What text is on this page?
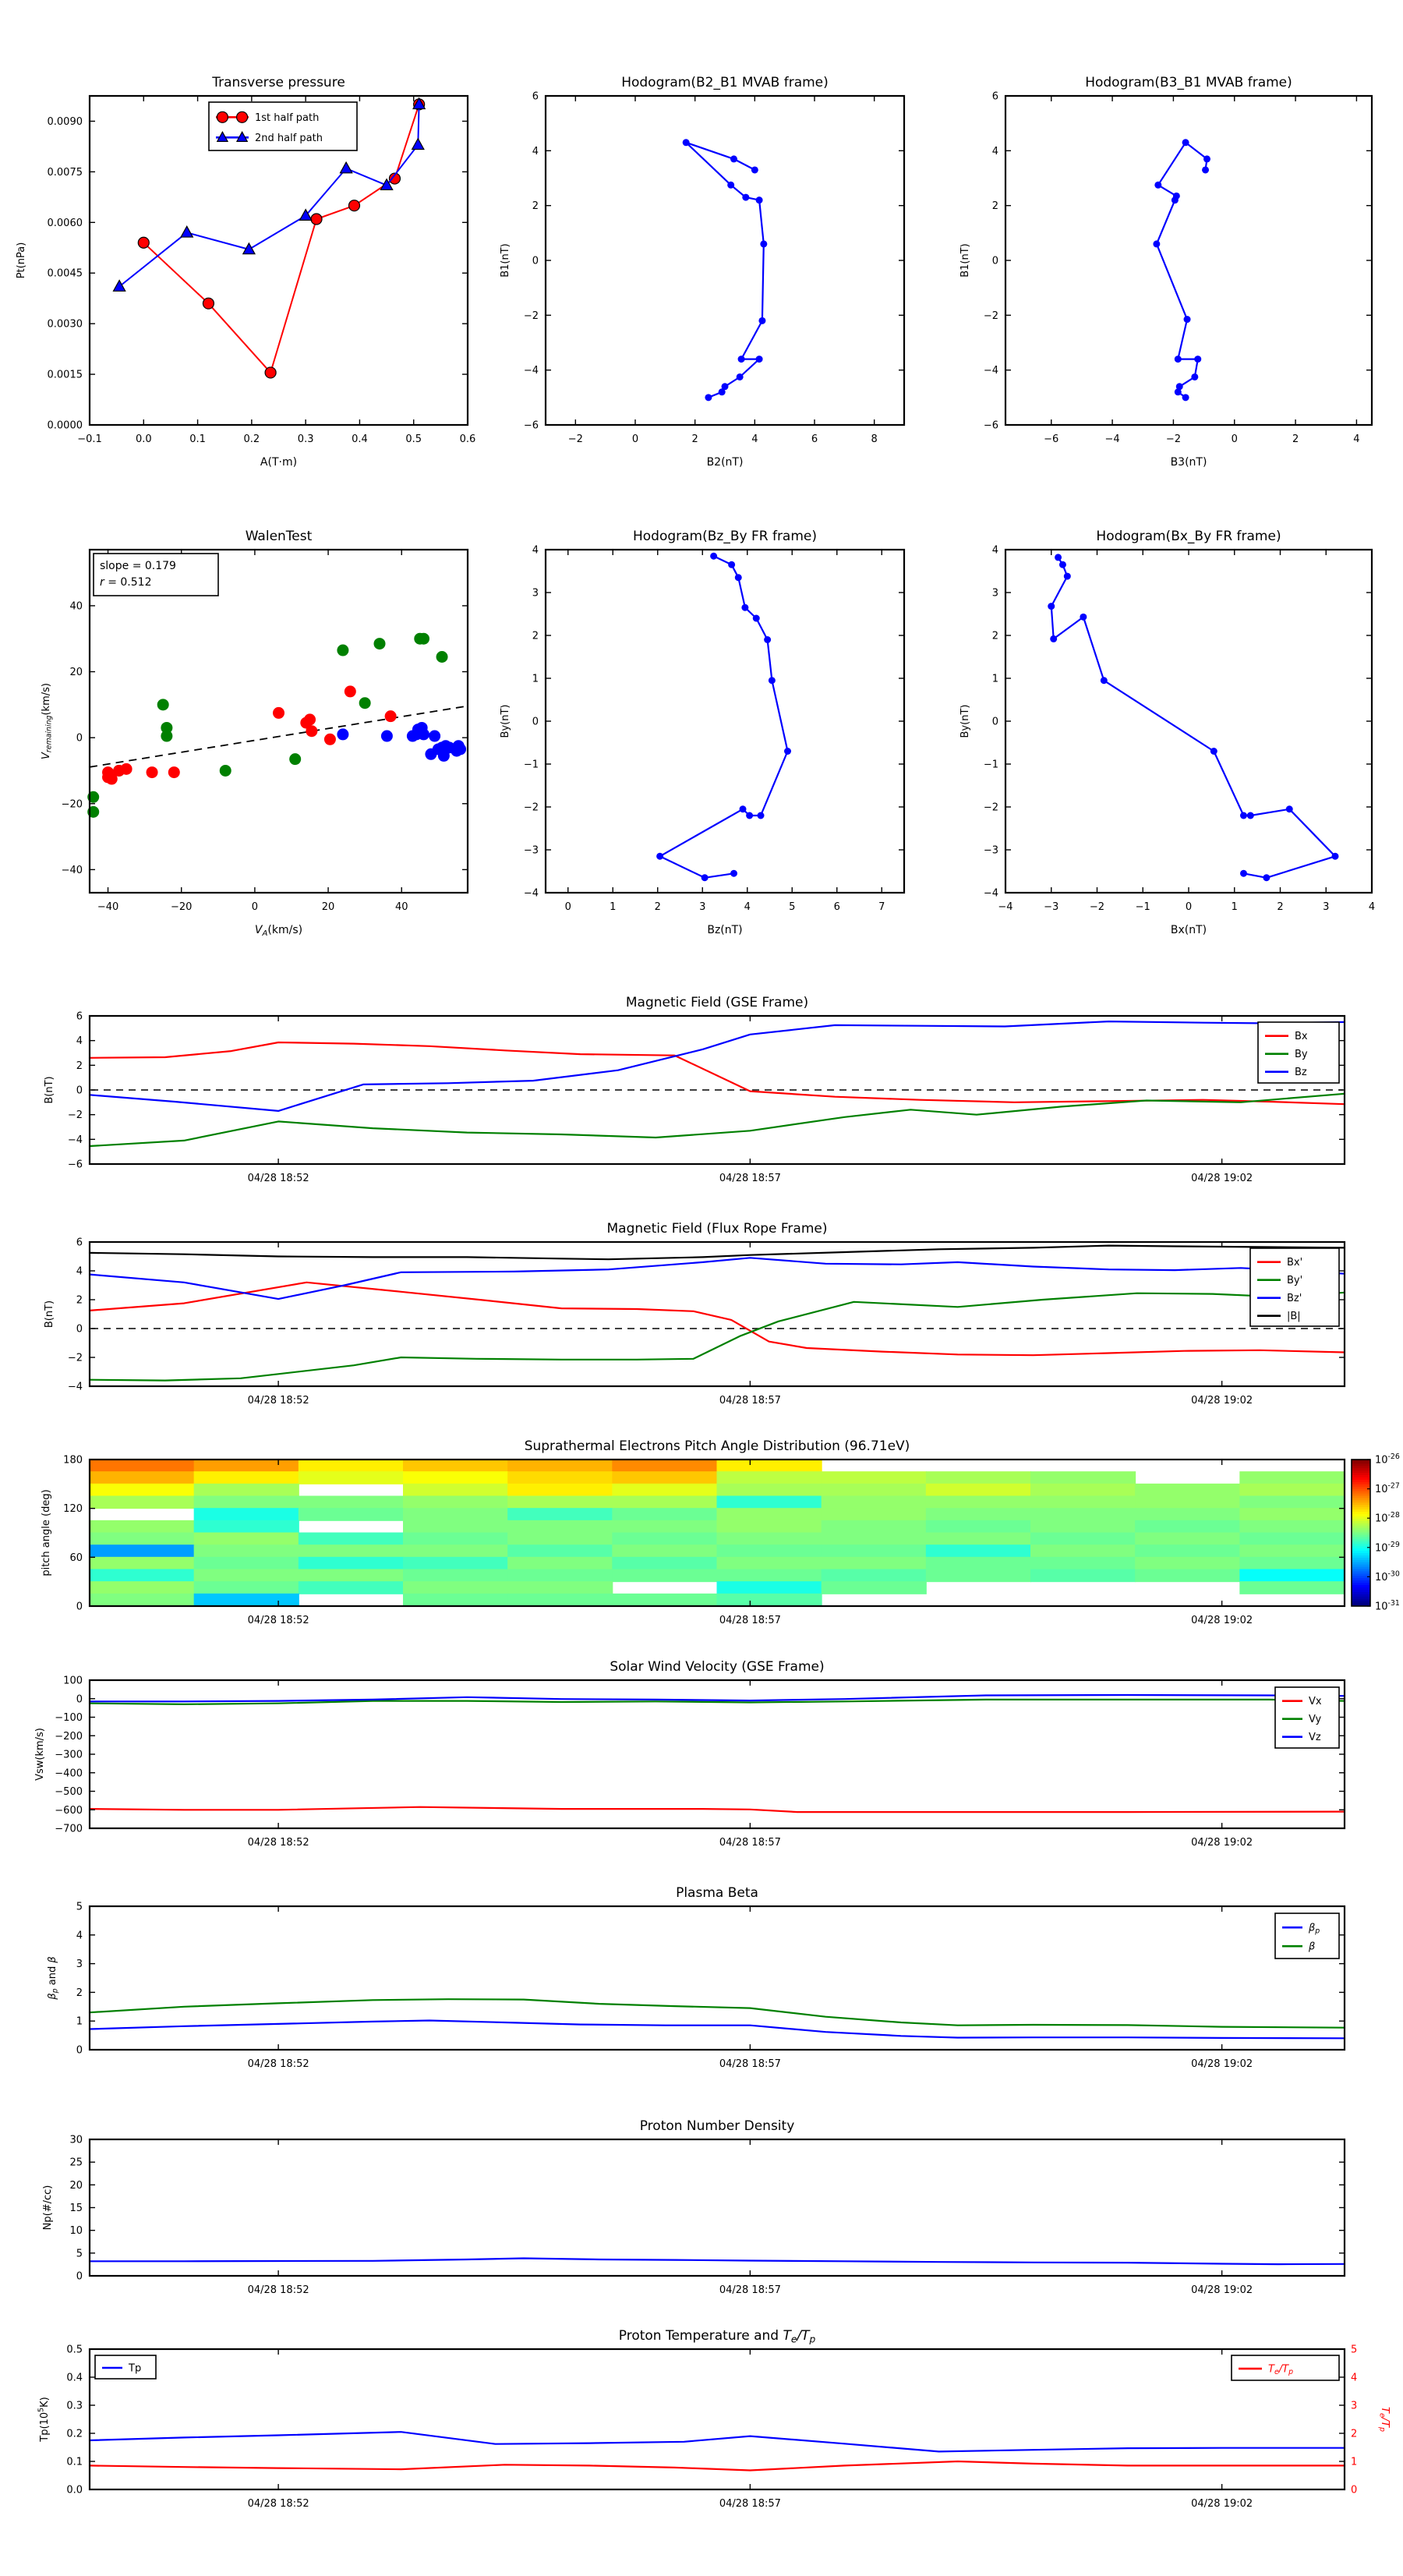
−0.1	0.0	0.1	0.2	0.3	0.4	0.5	0.6
0.0000
0.0015
0.0030
0.0045
0.0060
0.0075
0.0090
Transverse pressure
A(T·m)
Pt(nPa)
1st half path
2nd half path
−2	0	2	4	6	8
−6
−4
−2
0
2
4
6
Hodogram(B2_B1 MVAB frame)
B2(nT)
B1(nT)
−6	−4	−2	0	2	4
−6
−4
−2
0
2
4
6
Hodogram(B3_B1 MVAB frame)
B3(nT)
B1(nT)
−40	−20	0	20	40
−40
−20
0
20
40
WalenTest
$V_A(km/s)$
$V_{remaining}(km/s)$
slope = 0.179
r = 0.512
0	1	2	3	4	5	6	7
−4
−3
−2
−1
0
1
2
3
4
Hodogram(Bz_By FR frame)
Bz(nT)
By(nT)
−4	−3	−2	−1	0	1	2	3	4
−4
−3
−2
−1
0
1
2
3
4
Hodogram(Bx_By FR frame)
Bx(nT)
By(nT)
04/28 18:52	04/28 18:57	04/28 19:02
−6
−4
−2
0
2
4
6
Magnetic Field (GSE Frame)
B(nT)
Bx
By
Bz
04/28 18:52	04/28 18:57	04/28 19:02
−4
−2
0
2
4
6
Magnetic Field (Flux Rope Frame)
B(nT)
Bx'
By'
Bz'
|B|
04/28 18:52	04/28 18:57	04/28 19:02
0
60
120
180
Suprathermal Electrons Pitch Angle Distribution (96.71eV)
pitch angle (deg)
$10^{-26}$
$10^{-27}$
$10^{-28}$
$10^{-29}$
$10^{-30}$
$10^{-31}$
04/28 18:52	04/28 18:57	04/28 19:02
100
0
−100
−200
−300
−400
−500
−600
−700
Solar Wind Velocity (GSE Frame)
Vsw(km/s)
Vx
Vy
Vz
04/28 18:52	04/28 18:57	04/28 19:02
0
1
2
3
4
5
Plasma Beta
$\beta_p$ and β
$\beta_p$
β
04/28 18:52	04/28 18:57	04/28 19:02
0
5
10
15
20
25
30
Proton Number Density
Np(#/cc)
04/28 18:52	04/28 18:57	04/28 19:02
0.0
0.1
0.2
0.3
0.4
0.5
0
1
2
3
4
5
$T_e/T_p$
Proton Temperature and $T_e/T_p$
$Tp(10^5K)$
Tp	$T_e/T_p$
